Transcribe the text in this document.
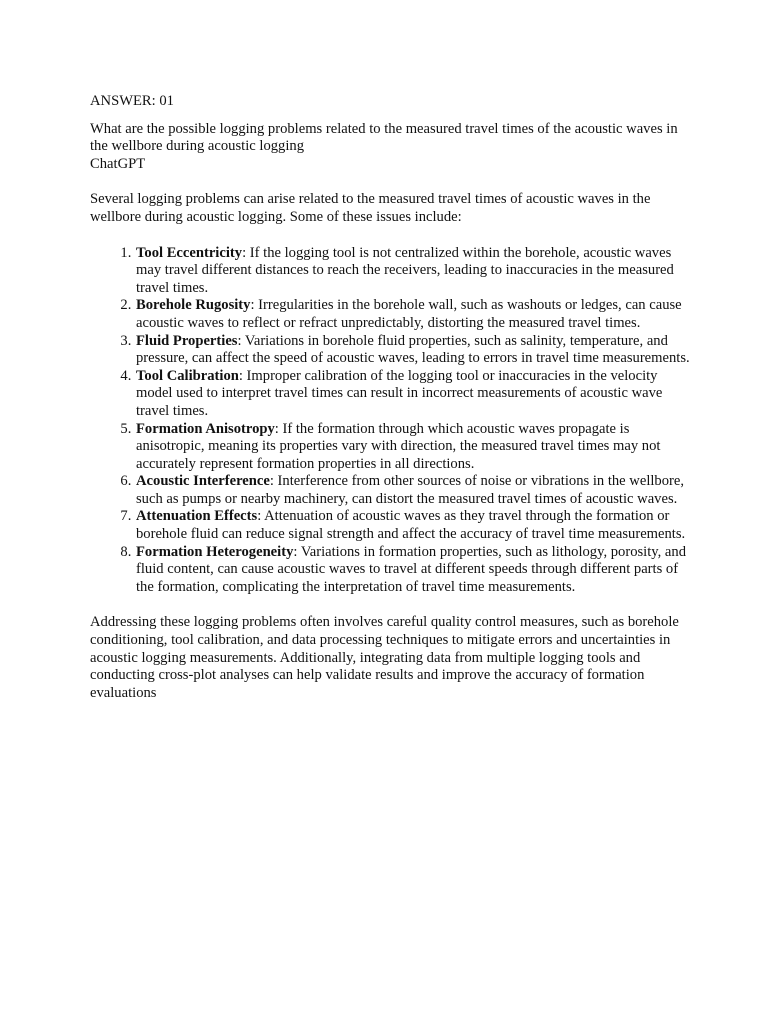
ANSWER: 01

What are the possible logging problems related to the measured travel times of the acoustic waves in the wellbore during acoustic logging

ChatGPT

Several logging problems can arise related to the measured travel times of acoustic waves in the wellbore during acoustic logging. Some of these issues include:

1. Tool Eccentricity: If the logging tool is not centralized within the borehole, acoustic waves may travel different distances to reach the receivers, leading to inaccuracies in the measured travel times.
2. Borehole Rugosity: Irregularities in the borehole wall, such as washouts or ledges, can cause acoustic waves to reflect or refract unpredictably, distorting the measured travel times.
3. Fluid Properties: Variations in borehole fluid properties, such as salinity, temperature, and pressure, can affect the speed of acoustic waves, leading to errors in travel time measurements.
4. Tool Calibration: Improper calibration of the logging tool or inaccuracies in the velocity model used to interpret travel times can result in incorrect measurements of acoustic wave travel times.
5. Formation Anisotropy: If the formation through which acoustic waves propagate is anisotropic, meaning its properties vary with direction, the measured travel times may not accurately represent formation properties in all directions.
6. Acoustic Interference: Interference from other sources of noise or vibrations in the wellbore, such as pumps or nearby machinery, can distort the measured travel times of acoustic waves.
7. Attenuation Effects: Attenuation of acoustic waves as they travel through the formation or borehole fluid can reduce signal strength and affect the accuracy of travel time measurements.
8. Formation Heterogeneity: Variations in formation properties, such as lithology, porosity, and fluid content, can cause acoustic waves to travel at different speeds through different parts of the formation, complicating the interpretation of travel time measurements.

Addressing these logging problems often involves careful quality control measures, such as borehole conditioning, tool calibration, and data processing techniques to mitigate errors and uncertainties in acoustic logging measurements. Additionally, integrating data from multiple logging tools and conducting cross-plot analyses can help validate results and improve the accuracy of formation evaluations
